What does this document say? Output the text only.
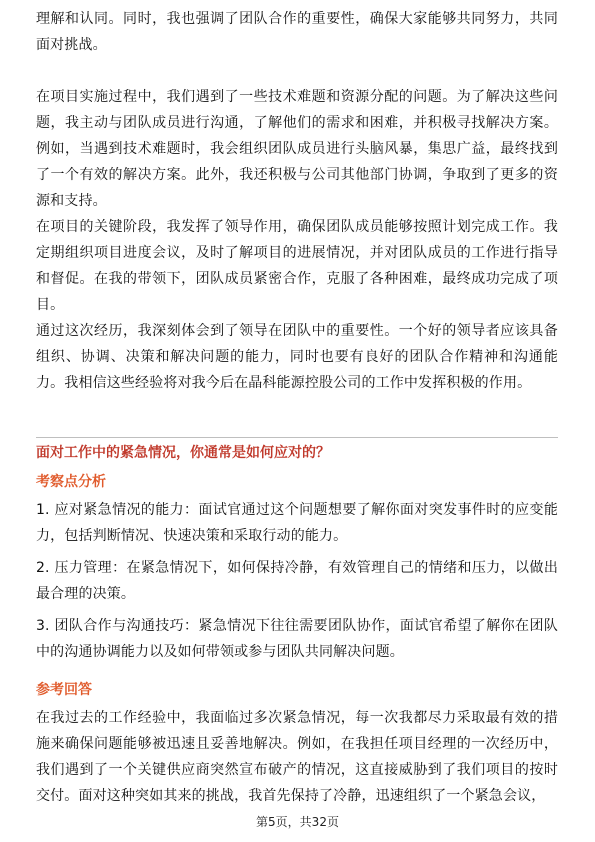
理解和认同。同时，我也强调了团队合作的重要性，确保大家能够共同努力，共同面对挑战。

在项目实施过程中，我们遇到了一些技术难题和资源分配的问题。为了解决这些问题，我主动与团队成员进行沟通，了解他们的需求和困难，并积极寻找解决方案。例如，当遇到技术难题时，我会组织团队成员进行头脑风暴，集思广益，最终找到了一个有效的解决方案。此外，我还积极与公司其他部门协调，争取到了更多的资源和支持。

在项目的关键阶段，我发挥了领导作用，确保团队成员能够按照计划完成工作。我定期组织项目进度会议，及时了解项目的进展情况，并对团队成员的工作进行指导和督促。在我的带领下，团队成员紧密合作，克服了各种困难，最终成功完成了项目。

通过这次经历，我深刻体会到了领导在团队中的重要性。一个好的领导者应该具备组织、协调、决策和解决问题的能力，同时也要有良好的团队合作精神和沟通能力。我相信这些经验将对我今后在晶科能源控股公司的工作中发挥积极的作用。

面对工作中的紧急情况，你通常是如何应对的？

考察点分析

1. 应对紧急情况的能力：面试官通过这个问题想要了解你面对突发事件时的应变能力，包括判断情况、快速决策和采取行动的能力。

2. 压力管理：在紧急情况下，如何保持冷静，有效管理自己的情绪和压力，以做出最合理的决策。

3. 团队合作与沟通技巧：紧急情况下往往需要团队协作，面试官希望了解你在团队中的沟通协调能力以及如何带领或参与团队共同解决问题。

参考回答

在我过去的工作经验中，我面临过多次紧急情况，每一次我都尽力采取最有效的措施来确保问题能够被迅速且妥善地解决。例如，在我担任项目经理的一次经历中，我们遇到了一个关键供应商突然宣布破产的情况，这直接威胁到了我们项目的按时交付。面对这种突如其来的挑战，我首先保持了冷静，迅速组织了一个紧急会议，

第5页，共32页
